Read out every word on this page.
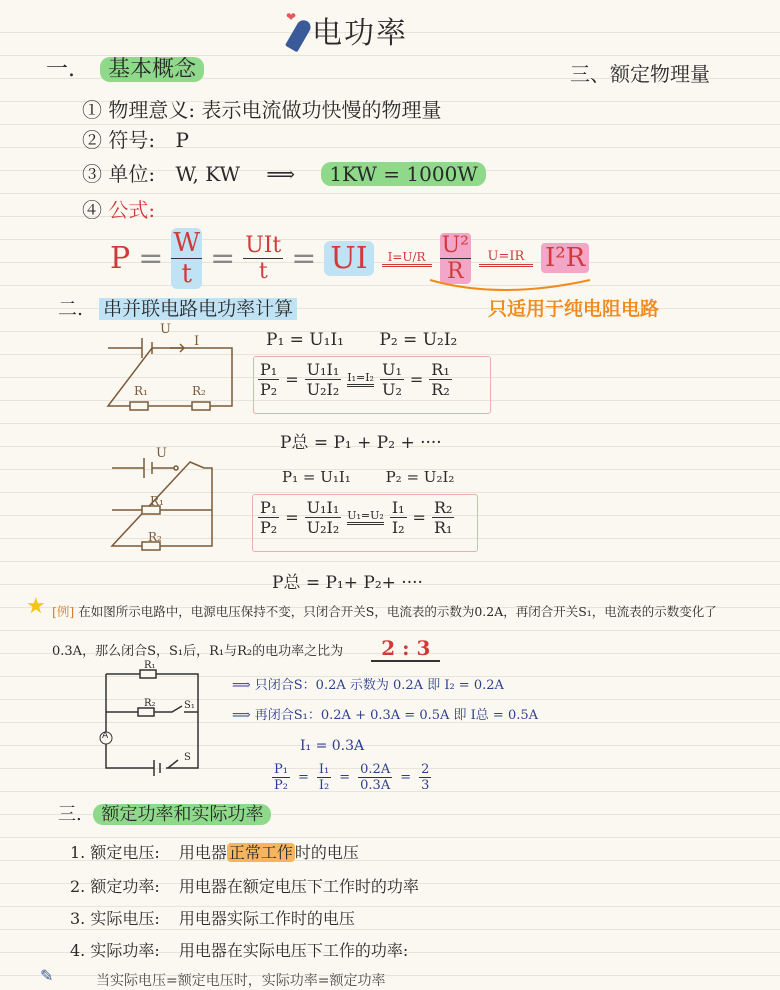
❤ 电功率
一. 基本概念	三、额定物理量
① 物理意义: 表示电流做功快慢的物理量
② 符号: P
③ 单位: W, KW ⟹ 1KW = 1000W
④ 公式:
$P = \frac{W}{t} = \frac{\text{UIt}}{t}$ = UI	$I=U/R \frac{\text{U²}}{R}$	U=IR I²R
只适用于纯电阻电路
二. 串并联电路电功率计算
U
I
R₁	R₂
P₁ = U₁I₁ P₂ = U₂I₂
$\frac{\text{P₁}}{\text{P₂}} = \frac{\text{U₁I₁}}{\text{U₂I₂}} I_1=I_2 \frac{\text{U₁}}{\text{U₂}} = \frac{\text{R₁}}{\text{R₂}}$
P总 = P₁ + P₂ + ····
U
R₁
R₂
P₁ = U₁I₁ P₂ = U₂I₂
$\frac{\text{P₁}}{\text{P₂}} = \frac{\text{U₁I₁}}{\text{U₂I₂}} U_1=U_2 \frac{\text{I₁}}{\text{I₂}} = \frac{\text{R₂}}{\text{R₁}}$
P总 = P₁+ P₂+ ····
★ [例] 在如图所示电路中，电源电压保持不变，只闭合开关S，电流表的示数为0.2A，再闭合开关S₁，电流表的示数变化了
0.3A，那么闭合S，S₁后，R₁与R₂的电功率之比为 2 : 3
A
R₁
R₂	S₁
S
⟹ 只闭合S：0.2A 示数为 0.2A 即 I₂ = 0.2A
⟹ 再闭合S₁：0.2A + 0.3A = 0.5A 即 I总 = 0.5A
I₁ = 0.3A
$\frac{\text{P₁}}{\text{P₂}} = \frac{\text{I₁}}{\text{I₂}} = \frac{0.2A}{0.3A} = \frac{2}{3}$
三. 额定功率和实际功率
1. 额定电压: 用电器 正常工作 时的电压
2. 额定功率: 用电器在额定电压下工作时的功率
3. 实际电压: 用电器实际工作时的电压
4. 实际功率: 用电器在实际电压下工作的功率:
✎	当实际电压=额定电压时，实际功率=额定功率
